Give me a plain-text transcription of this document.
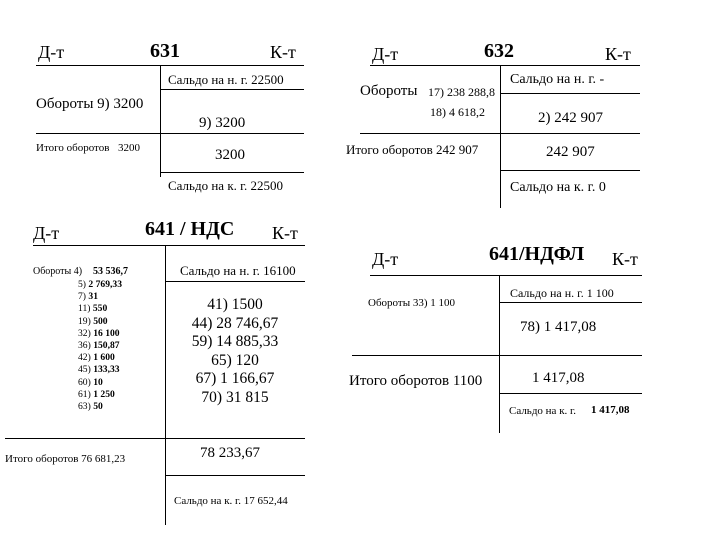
Д-т	631	К-т
Сальдо на н. г. 22500
Обороты 9) 3200
9) 3200
Итого оборотов 3200	3200
Сальдо на к. г. 22500
Д-т	632	К-т
Обороты 17) 238 288,8
18) 4 618,2
Сальдо на н. г. -
2) 242 907
Итого оборотов 242 907	242 907
Сальдо на к. г. 0
Д-т	641 / НДС К-т
Сальдо на н. г. 16100
Обороты 4) 53 536,7
5) 2 769,33
7) 31
11) 550
19) 500
32) 16 100
36) 150,87
42) 1 600
45) 133,33
60) 10
61) 1 250
63) 50
41) 1500
44) 28 746,67
59) 14 885,33
65) 120
67) 1 166,67
70) 31 815
Итого оборотов 76 681,23	78 233,67
Сальдо на к. г. 17 652,44
Д-т	641/НДФЛ К-т
Сальдо на н. г. 1 100
Обороты 33) 1 100
78) 1 417,08
Итого оборотов 1100	1 417,08
Сальдо на к. г. 1 417,08
